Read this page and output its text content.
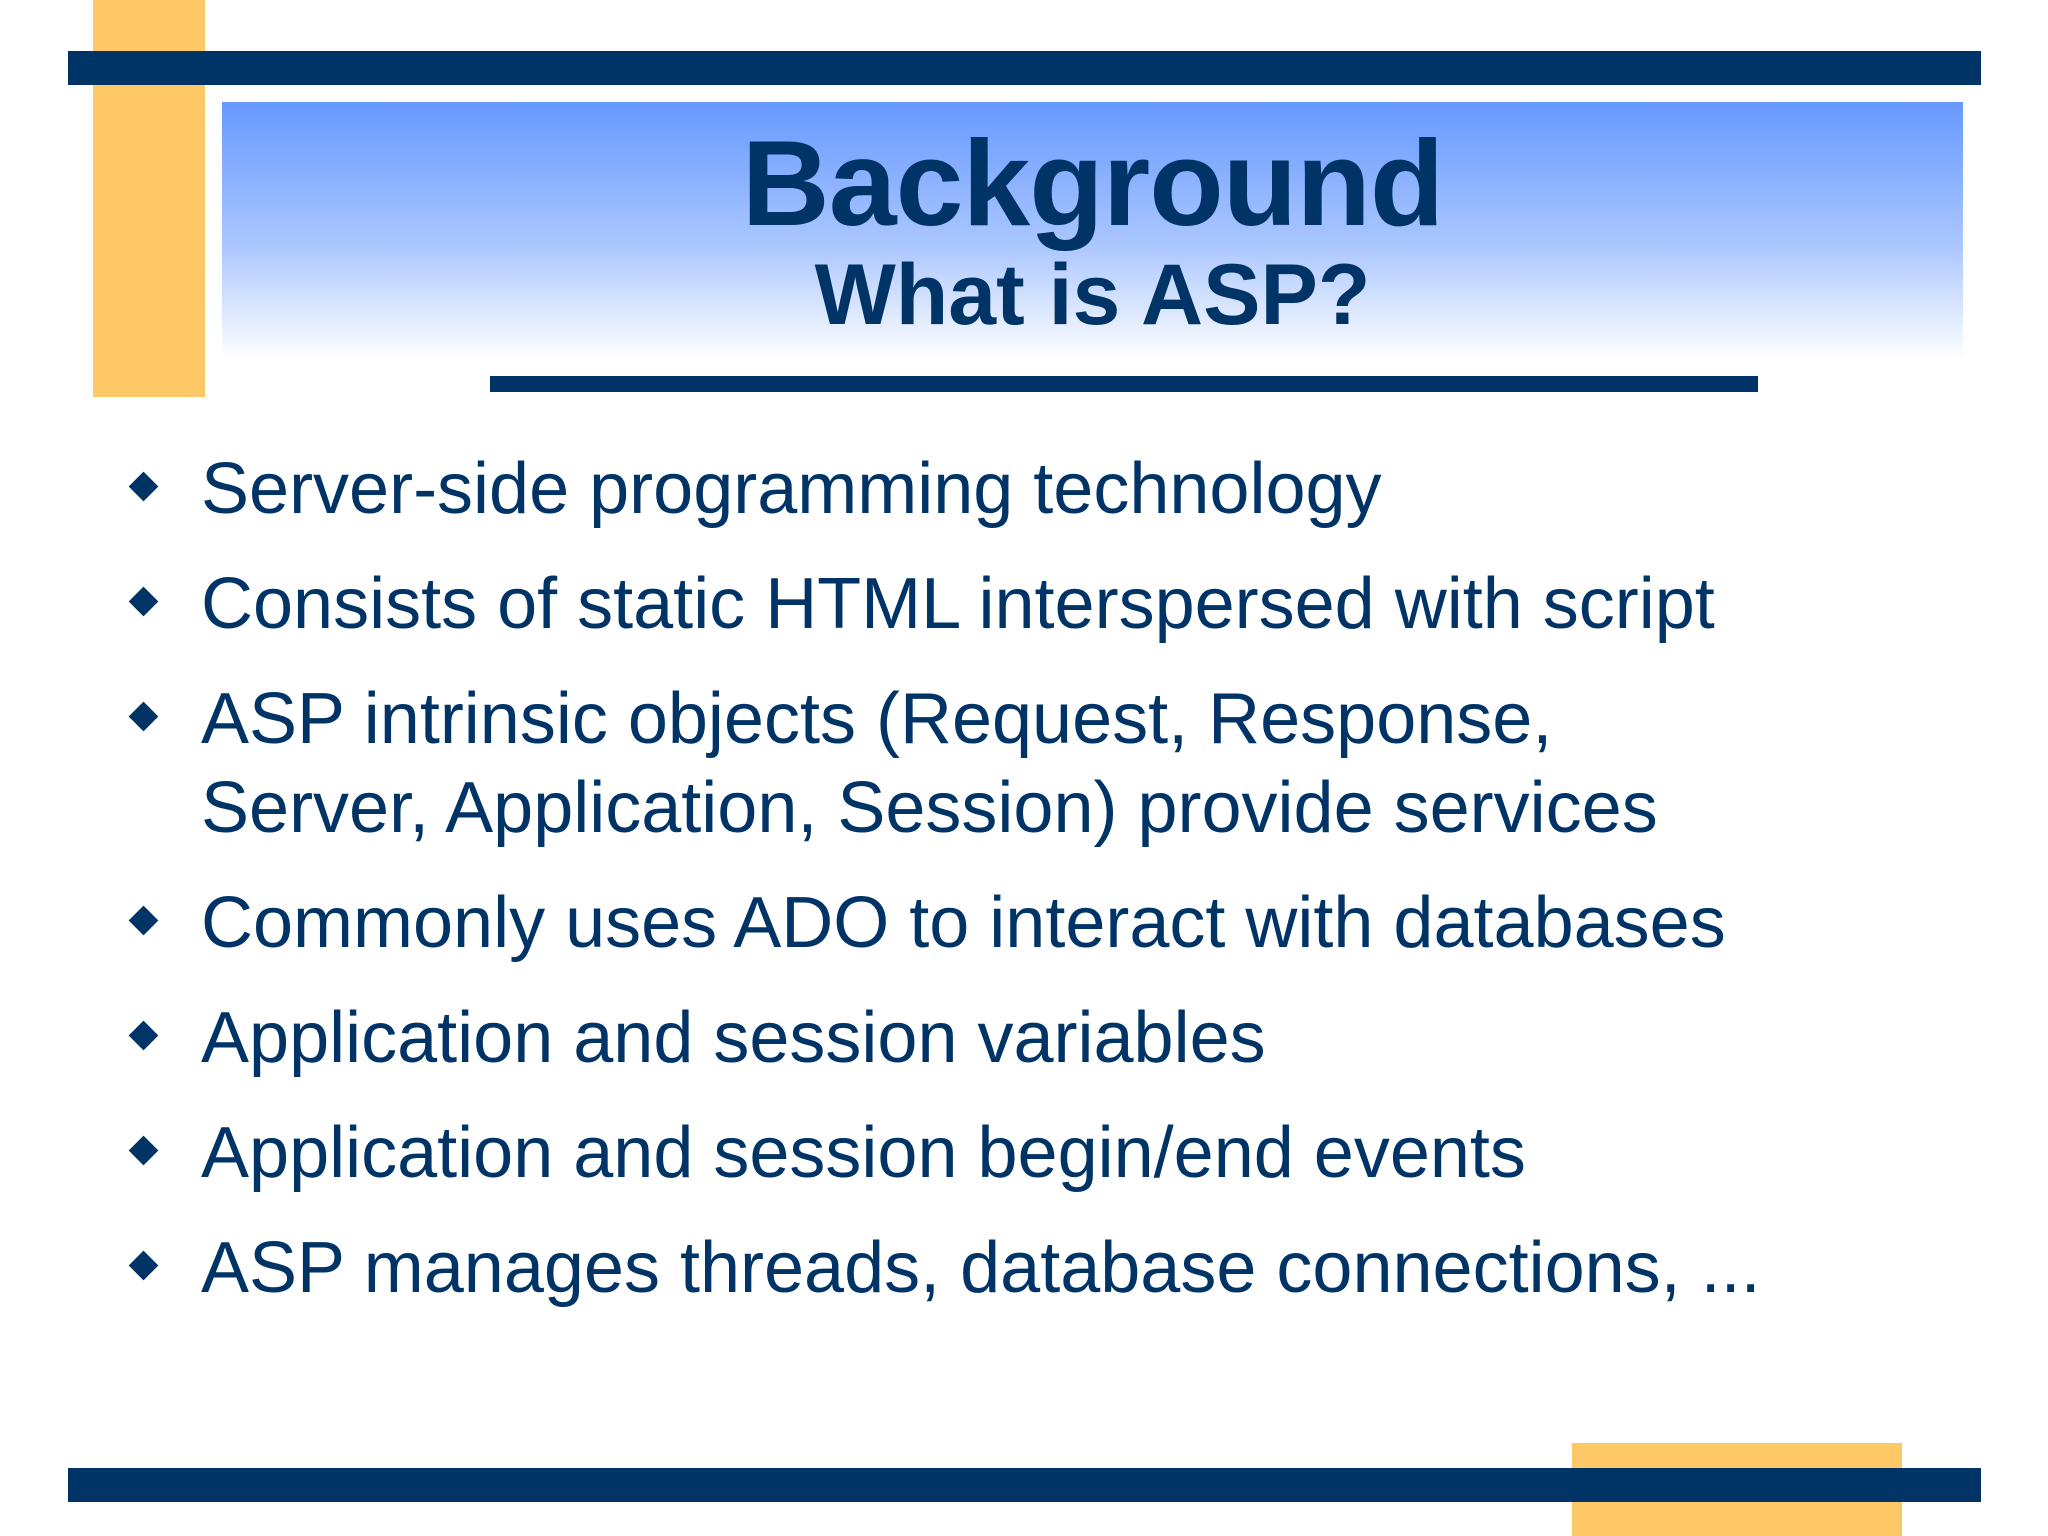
Background
What is ASP?
Server-side programming technology
Consists of static HTML interspersed with script
ASP intrinsic objects (Request, Response,
Server, Application, Session) provide services
Commonly uses ADO to interact with databases
Application and session variables
Application and session begin/end events
ASP manages threads, database connections, ...
